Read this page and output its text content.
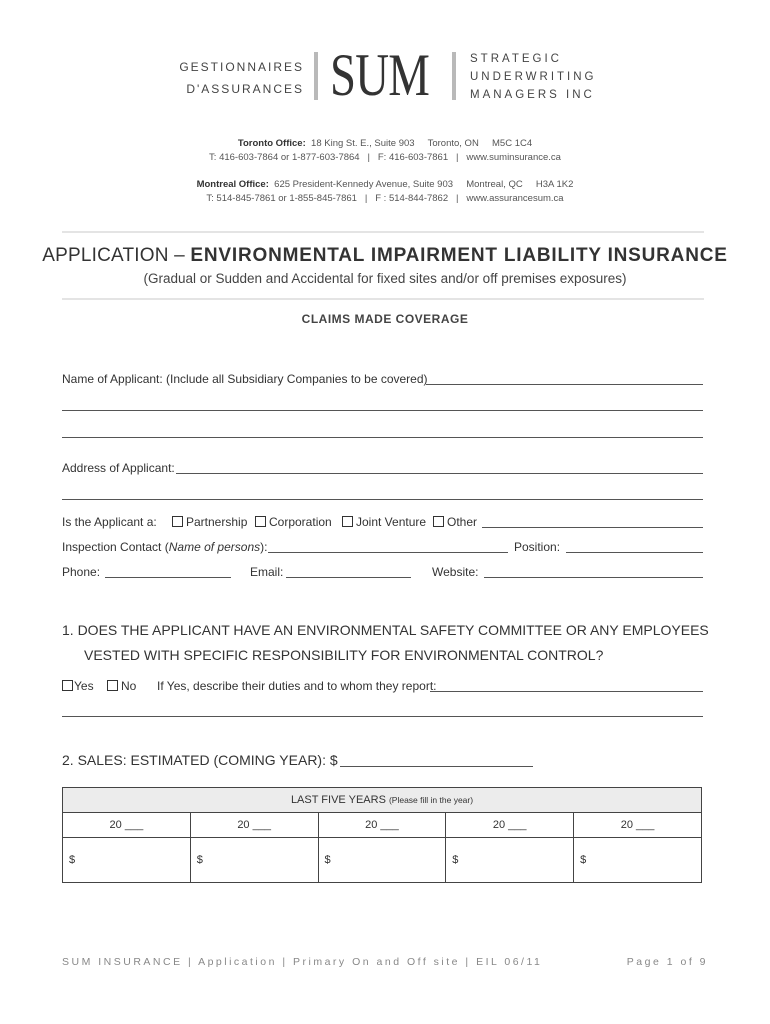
GESTIONNAIRES
D'ASSURANCES SUM	STRATEGIC
UNDERWRITING
MANAGERS INC
Toronto Office: 18 King St. E., Suite 903     Toronto, ON     M5C 1C4
T: 416-603-7864 or 1-877-603-7864   |   F: 416-603-7861   |   www.suminsurance.ca
Montreal Office: 625 President-Kennedy Avenue, Suite 903     Montreal, QC     H3A 1K2
T: 514-845-7861 or 1-855-845-7861   |   F : 514-844-7862   |   www.assurancesum.ca
APPLICATION – ENVIRONMENTAL IMPAIRMENT LIABILITY INSURANCE
(Gradual or Sudden and Accidental for fixed sites and/or off premises exposures)
CLAIMS MADE COVERAGE
Name of Applicant: (Include all Subsidiary Companies to be covered)
Address of Applicant:
Is the Applicant a:	Partnership	Corporation	Joint Venture	Other
Inspection Contact (Name of persons):	Position:
Phone:	Email:	Website:
1. DOES THE APPLICANT HAVE AN ENVIRONMENTAL SAFETY COMMITTEE OR ANY EMPLOYEES
VESTED WITH SPECIFIC RESPONSIBILITY FOR ENVIRONMENTAL CONTROL?
Yes	No If Yes, describe their duties and to whom they report:
2. SALES: ESTIMATED (COMING YEAR): $
LAST FIVE YEARS (Please fill in the year)				
20 ___	20 ___	20 ___	20 ___	20 ___
$	$	$	$	$
SUM INSURANCE | Application | Primary On and Off site | EIL 06/11	Page 1 of 9
